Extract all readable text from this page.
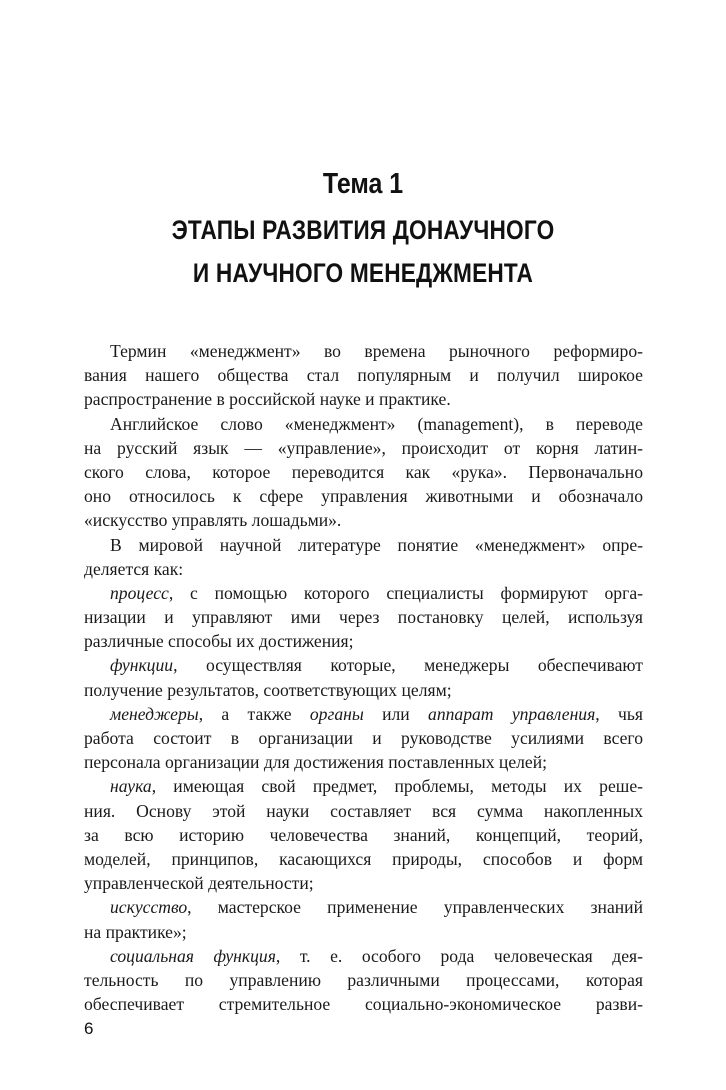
Тема 1
ЭТАПЫ РАЗВИТИЯ ДОНАУЧНОГО
И НАУЧНОГО МЕНЕДЖМЕНТА
Термин «менеджмент» во времена рыночного реформиро-
вания нашего общества стал популярным и получил широкое
распространение в российской науке и практике.
Английское слово «менеджмент» (management), в переводе
на русский язык — «управление», происходит от корня латин-
ского слова, которое переводится как «рука». Первоначально
оно относилось к сфере управления животными и обозначало
«искусство управлять лошадьми».
В мировой научной литературе понятие «менеджмент» опре-
деляется как:
процесс, с помощью которого специалисты формируют орга-
низации и управляют ими через постановку целей, используя
различные способы их достижения;
функции, осуществляя которые, менеджеры обеспечивают
получение результатов, соответствующих целям;
менеджеры, а также органы или аппарат управления, чья
работа состоит в организации и руководстве усилиями всего
персонала организации для достижения поставленных целей;
наука, имеющая свой предмет, проблемы, методы их реше-
ния. Основу этой науки составляет вся сумма накопленных
за всю историю человечества знаний, концепций, теорий,
моделей, принципов, касающихся природы, способов и форм
управленческой деятельности;
искусство, мастерское применение управленческих знаний
на практике»;
социальная функция, т. е. особого рода человеческая дея-
тельность по управлению различными процессами, которая
обеспечивает стремительное социально-экономическое разви-
6
